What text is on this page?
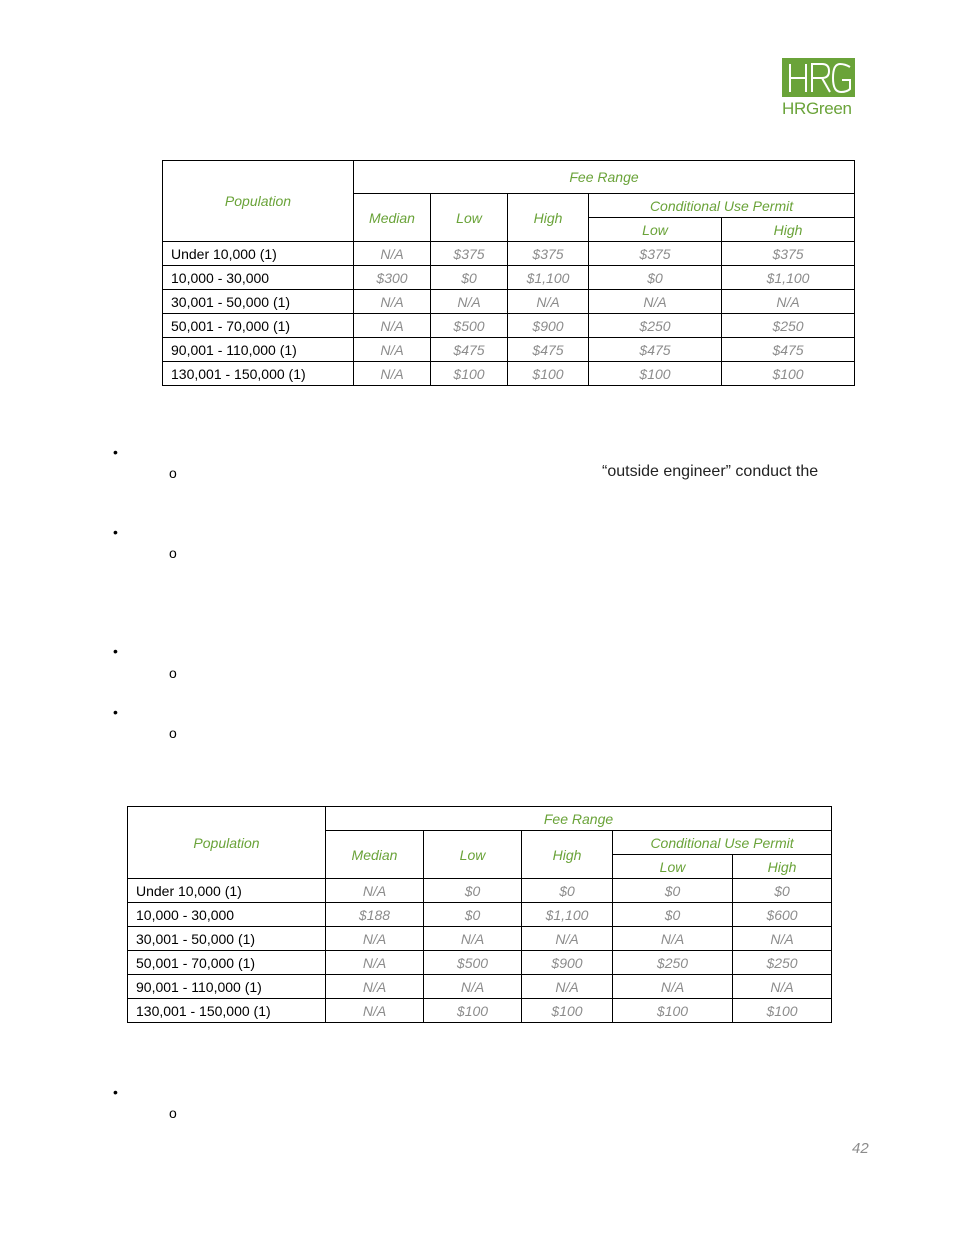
HRGreen
Population	Fee Range				
	Median	Low	High	Conditional Use Permit	
				Low	High
Under 10,000 (1)	N/A	$375	$375	$375	$375
10,000 - 30,000	$300	$0	$1,100	$0	$1,100
30,001 - 50,000 (1)	N/A	N/A	N/A	N/A	N/A
50,001 - 70,000 (1)	N/A	$500	$900	$250	$250
90,001 - 110,000 (1)	N/A	$475	$475	$475	$475
130,001 - 150,000 (1)	N/A	$100	$100	$100	$100
•
o	“outside engineer” conduct the
•
o
•
o
•
o
Population	Fee Range				
	Median	Low	High	Conditional Use Permit	
				Low	High
Under 10,000 (1)	N/A	$0	$0	$0	$0
10,000 - 30,000	$188	$0	$1,100	$0	$600
30,001 - 50,000 (1)	N/A	N/A	N/A	N/A	N/A
50,001 - 70,000 (1)	N/A	$500	$900	$250	$250
90,001 - 110,000 (1)	N/A	N/A	N/A	N/A	N/A
130,001 - 150,000 (1)	N/A	$100	$100	$100	$100
•
o
42
